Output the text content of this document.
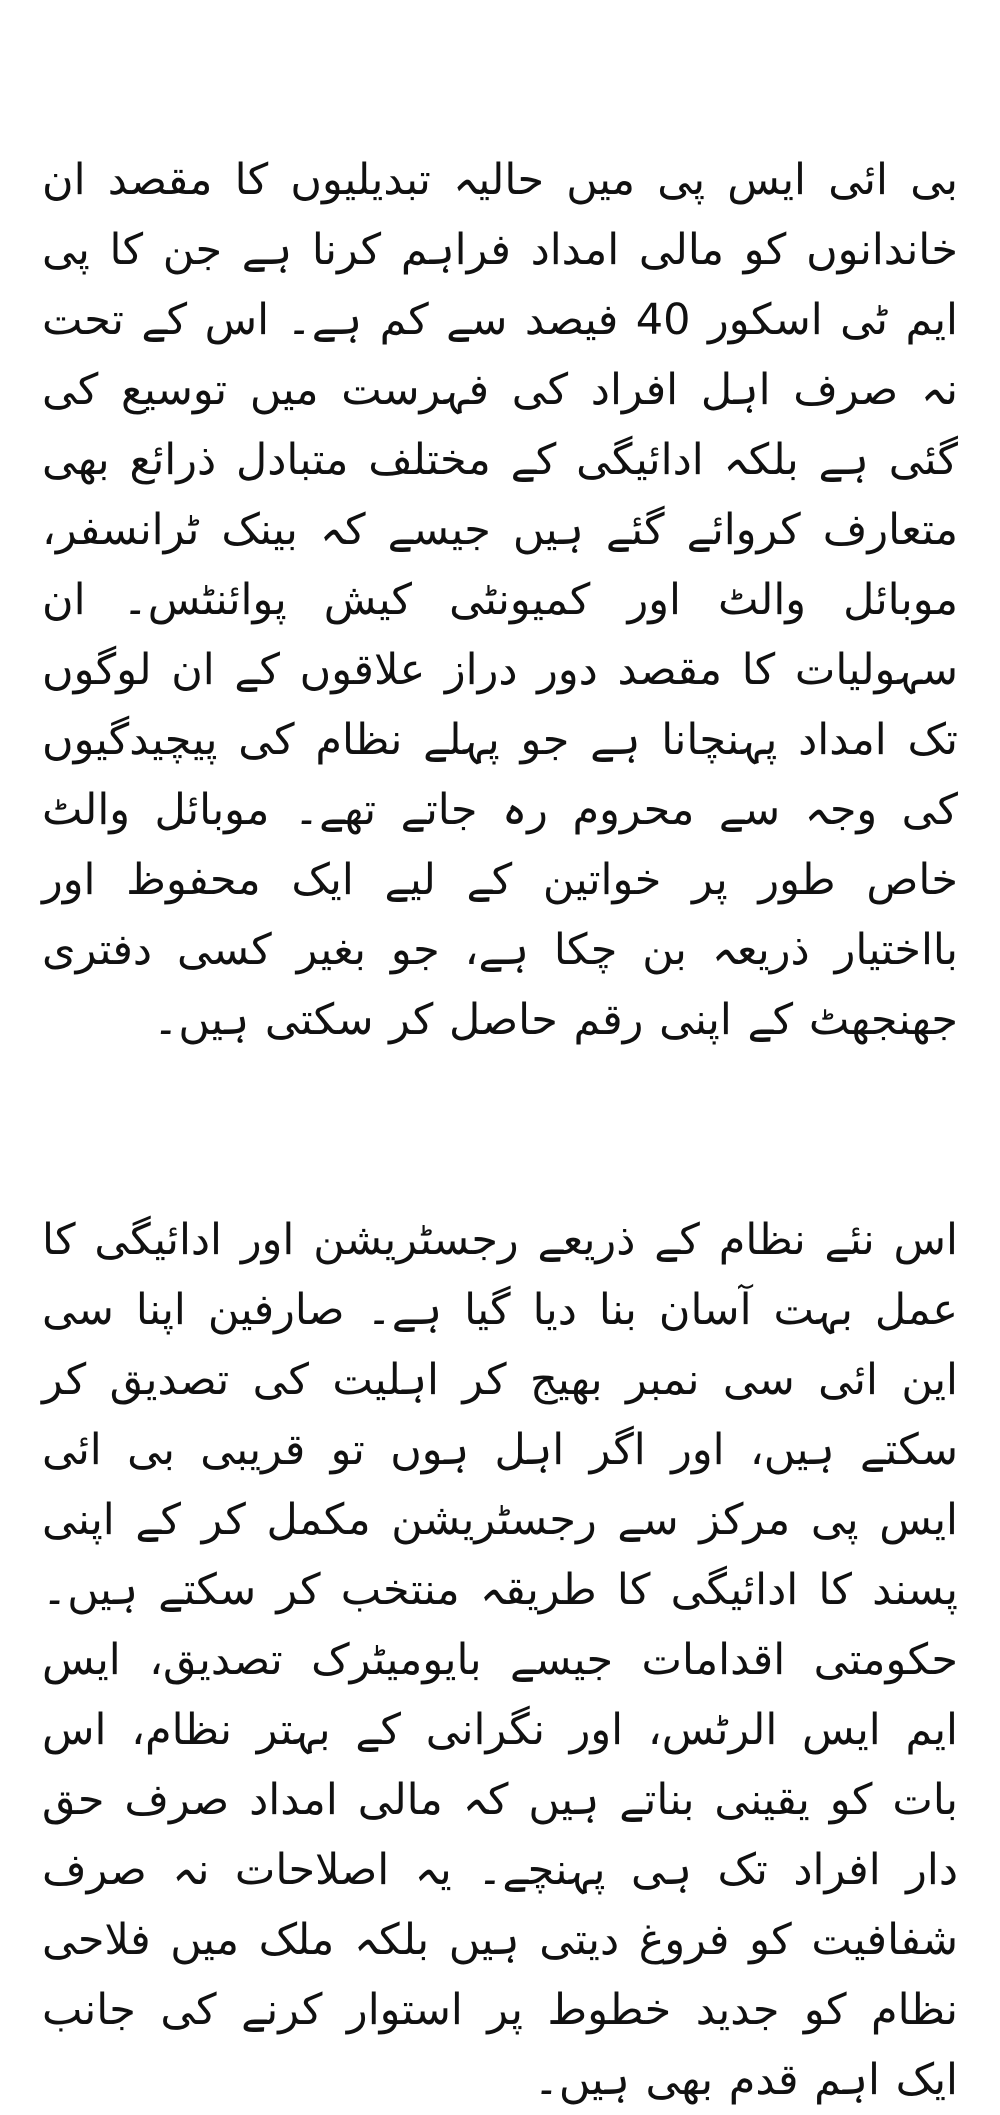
بی ائی ایس پی میں حالیہ تبدیلیوں کا مقصد ان خاندانوں کو مالی امداد فراہم کرنا ہے جن کا پی ایم ٹی اسکور 40 فیصد سے کم ہے۔ اس کے تحت نہ صرف اہل افراد کی فہرست میں توسیع کی گئی ہے بلکہ ادائیگی کے مختلف متبادل ذرائع بھی متعارف کروائے گئے ہیں جیسے کہ بینک ٹرانسفر، موبائل والٹ اور کمیونٹی کیش پوائنٹس۔ ان سہولیات کا مقصد دور دراز علاقوں کے ان لوگوں تک امداد پہنچانا ہے جو پہلے نظام کی پیچیدگیوں کی وجہ سے محروم رہ جاتے تھے۔ موبائل والٹ خاص طور پر خواتین کے لیے ایک محفوظ اور بااختیار ذریعہ بن چکا ہے، جو بغیر کسی دفتری جھنجھٹ کے اپنی رقم حاصل کر سکتی ہیں۔

اس نئے نظام کے ذریعے رجسٹریشن اور ادائیگی کا عمل بہت آسان بنا دیا گیا ہے۔ صارفین اپنا سی این ائی سی نمبر بھیج کر اہلیت کی تصدیق کر سکتے ہیں، اور اگر اہل ہوں تو قریبی بی ائی ایس پی مرکز سے رجسٹریشن مکمل کر کے اپنی پسند کا ادائیگی کا طریقہ منتخب کر سکتے ہیں۔ حکومتی اقدامات جیسے بایومیٹرک تصدیق، ایس ایم ایس الرٹس، اور نگرانی کے بہتر نظام، اس بات کو یقینی بناتے ہیں کہ مالی امداد صرف حق دار افراد تک ہی پہنچے۔ یہ اصلاحات نہ صرف شفافیت کو فروغ دیتی ہیں بلکہ ملک میں فلاحی نظام کو جدید خطوط پر استوار کرنے کی جانب ایک اہم قدم بھی ہیں۔
